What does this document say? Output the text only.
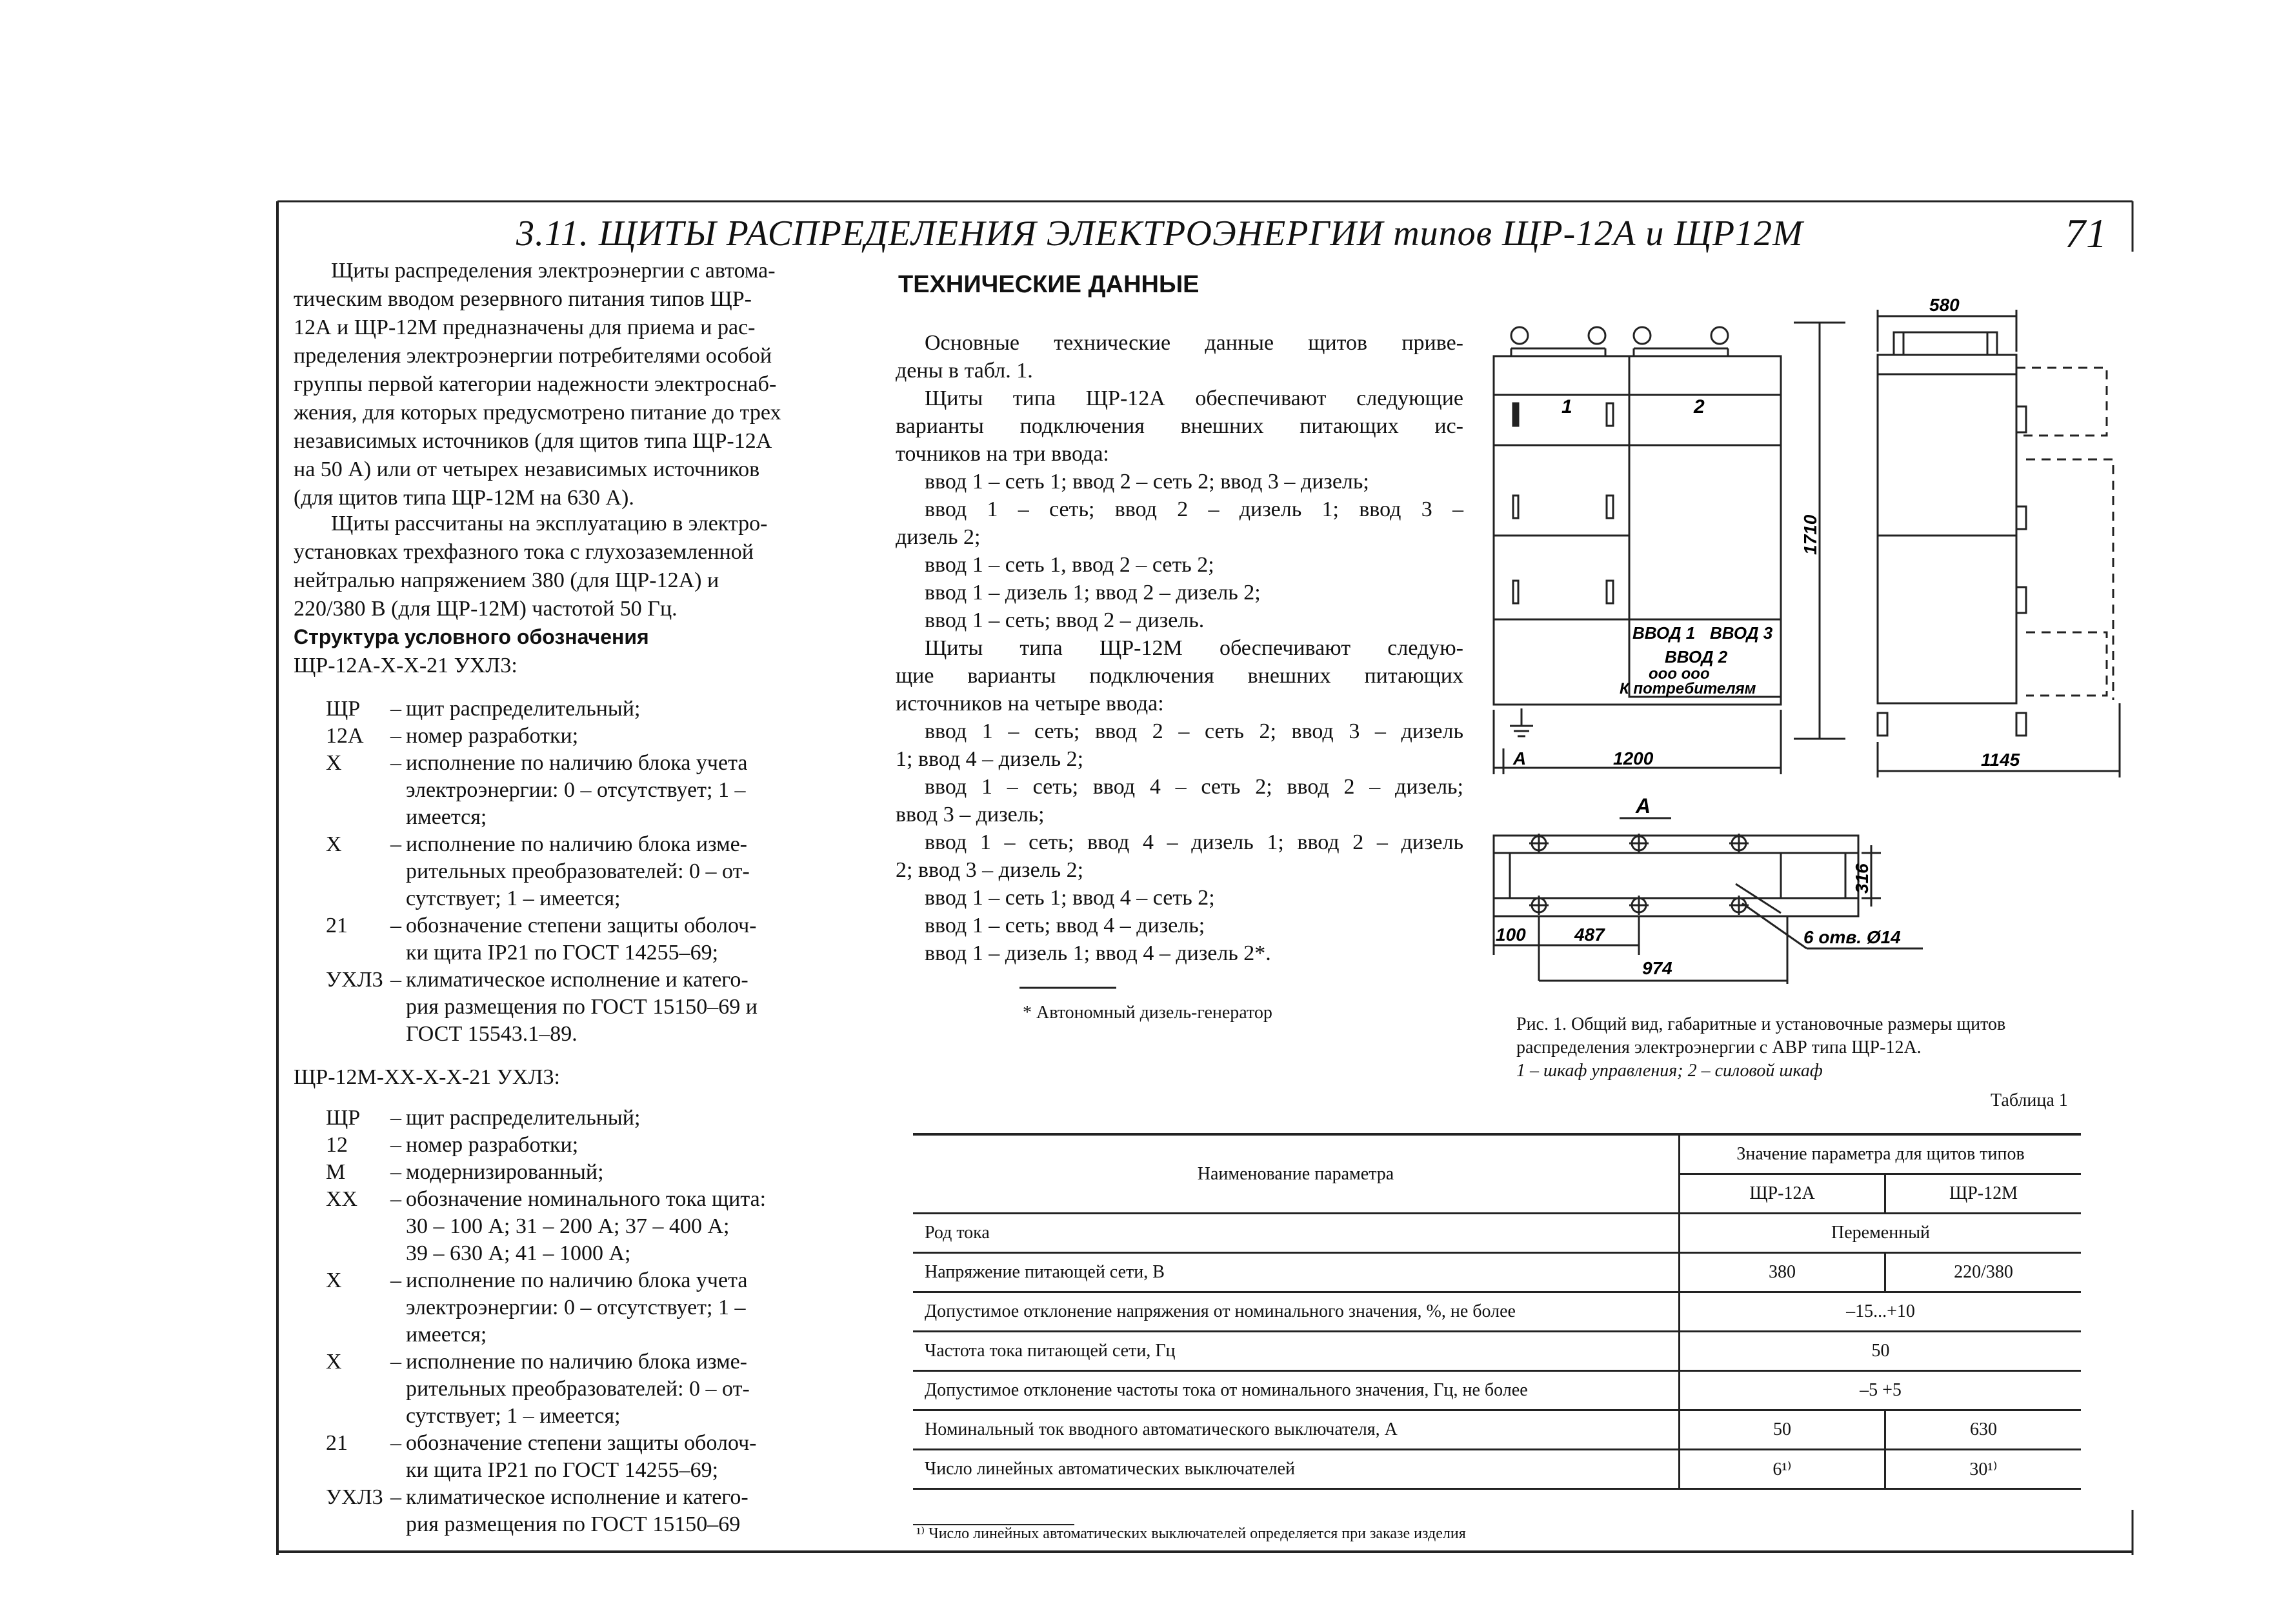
3.11. ЩИТЫ РАСПРЕДЕЛЕНИЯ ЭЛЕКТРОЭНЕРГИИ типов ЩР-12А и ЩР12М	71

Щиты распределения электроэнергии с автома-

тическим вводом резервного питания типов ЩР-

12А и ЩР-12М предназначены для приема и рас-

пределения электроэнергии потребителями особой

группы первой категории надежности электроснаб-

жения, для которых предусмотрено питание до трех

независимых источников (для щитов типа ЩР-12А

на 50 А) или от четырех независимых источников

(для щитов типа ЩР-12М на 630 А).

Щиты рассчитаны на эксплуатацию в электро-

установках трехфазного тока с глухозаземленной

нейтралью напряжением 380 (для ЩР-12А) и

220/380 В (для ЩР-12М) частотой 50 Гц.

Структура условного обозначения
ЩР-12А-Х-Х-21 УХЛ3:
ЩР	– щит распределительный;
12А	– номер разработки;
Х	– исполнение по наличию блока учета
электроэнергии: 0 – отсутствует; 1 –
имеется;
Х	– исполнение по наличию блока изме-
рительных преобразователей: 0 – от-
сутствует; 1 – имеется;
21	– обозначение степени защиты оболоч-
ки щита IP21 по ГОСТ 14255–69;
УХЛ3 – климатическое исполнение и катего-
рия размещения по ГОСТ 15150–69 и
ГОСТ 15543.1–89.
ЩР-12М-ХХ-Х-Х-21 УХЛ3:
ЩР	– щит распределительный;
12	– номер разработки;
М	– модернизированный;
ХХ	– обозначение номинального тока щита:
30 – 100 А; 31 – 200 А; 37 – 400 А;
39 – 630 А; 41 – 1000 А;
Х	– исполнение по наличию блока учета
электроэнергии: 0 – отсутствует; 1 –
имеется;
Х	– исполнение по наличию блока изме-
рительных преобразователей: 0 – от-
сутствует; 1 – имеется;
21	– обозначение степени защиты оболоч-
ки щита IP21 по ГОСТ 14255–69;
УХЛ3 – климатическое исполнение и катего-
рия размещения по ГОСТ 15150–69
ТЕХНИЧЕСКИЕ ДАННЫЕ

Основные технические данные щитов приве-

дены в табл. 1.

Щиты типа ЩР-12А обеспечивают следующие

варианты подключения внешних питающих ис-

точников на три ввода:

ввод 1 – сеть 1; ввод 2 – сеть 2; ввод 3 – дизель;

ввод 1 – сеть; ввод 2 – дизель 1; ввод 3 –

дизель 2;

ввод 1 – сеть 1, ввод 2 – сеть 2;

ввод 1 – дизель 1; ввод 2 – дизель 2;

ввод 1 – сеть; ввод 2 – дизель.

Щиты типа ЩР-12М обеспечивают следую-

щие варианты подключения внешних питающих

источников на четыре ввода:

ввод 1 – сеть; ввод 2 – сеть 2; ввод 3 – дизель

1; ввод 4 – дизель 2;

ввод 1 – сеть; ввод 4 – сеть 2; ввод 2 – дизель;

ввод 3 – дизель;

ввод 1 – сеть; ввод 4 – дизель 1; ввод 2 – дизель

2; ввод 3 – дизель 2;

ввод 1 – сеть 1; ввод 4 – сеть 2;

ввод 1 – сеть; ввод 4 – дизель;

ввод 1 – дизель 1; ввод 4 – дизель 2*.

* Автономный дизель-генератор
1	2
ВВОД 1 ВВОД 3
ВВОД 2
ооо ооо
К потребителям
А	1200
1710
580
1145
А
100	487
974
316
6 отв. Ø14

Рис. 1. Общий вид, габаритные и установочные размеры щитов

распределения электроэнергии с АВР типа ЩР-12А.

1 – шкаф управления; 2 – силовой шкаф

Таблица 1
Наименование параметра	Значение параметра для щитов типов	
	ЩР-12А	ЩР-12М
Род тока	Переменный	
Напряжение питающей сети, В	380	220/380
Допустимое отклонение напряжения от номинального значения, %, не более	–15...+10	
Частота тока питающей сети, Гц	50	
Допустимое отклонение частоты тока от номинального значения, Гц, не более	–5 +5	
Номинальный ток вводного автоматического выключателя, А	50	630
Число линейных автоматических выключателей	6¹⁾	30¹⁾
¹⁾ Число линейных автоматических выключателей определяется при заказе изделия
